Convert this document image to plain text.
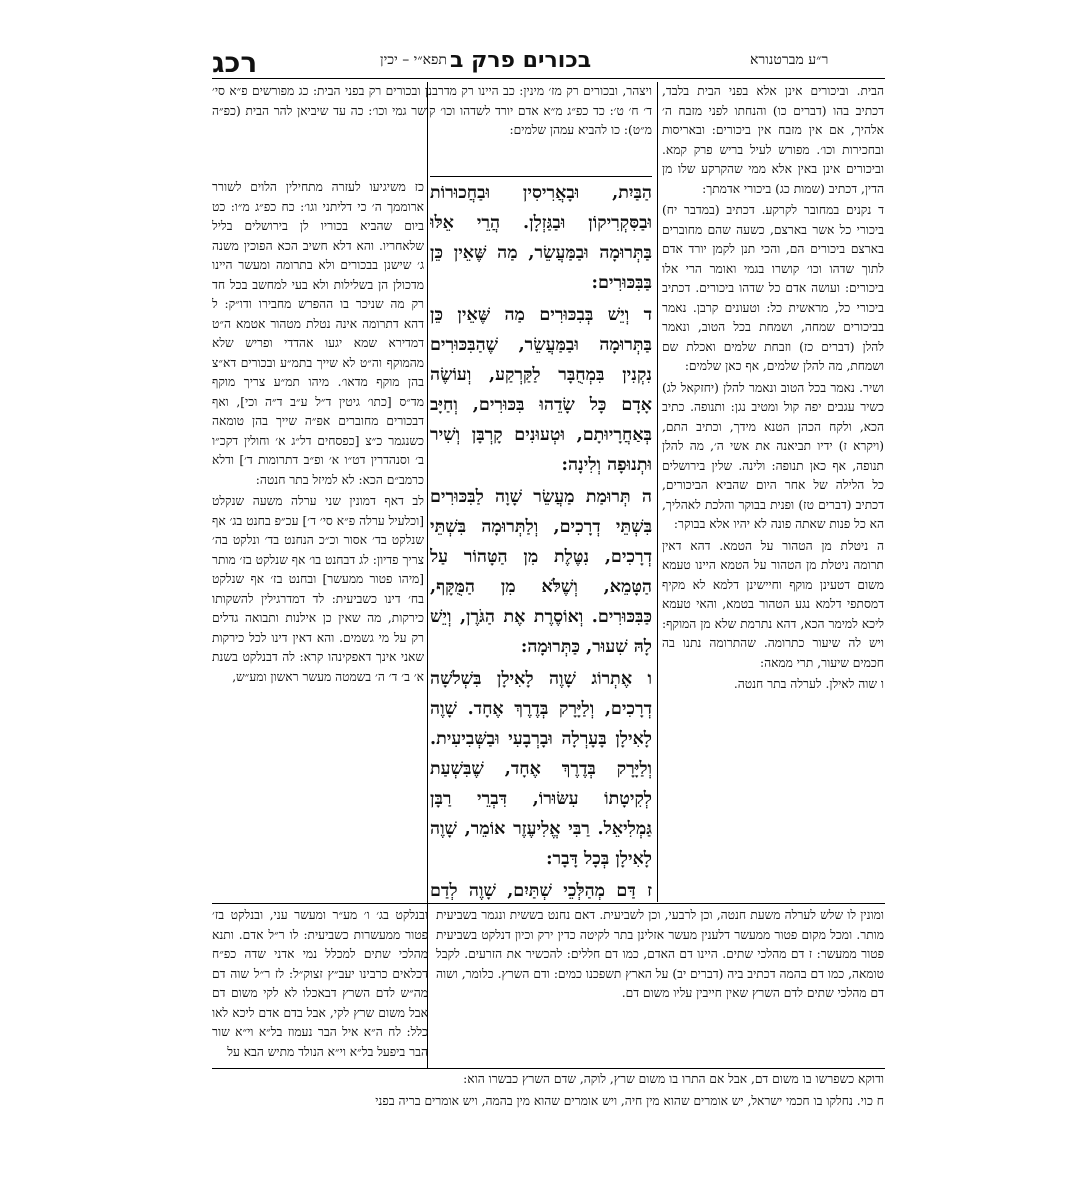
רכג	תפא״י – יכין בכורים פרק ב	ר״ע מברטנורא

הבית. וביכורים אינן אלא בפני הבית בלבד, דכתיב בהו (דברים כו) והנחתו לפני מזבח ה׳ אלהיך, אם אין מזבח אין ביכורים: ובאריסות ובחכירות וכו׳. מפורש לעיל בריש פרק קמא. וביכורים אינן באין אלא ממי שהקרקע שלו מן הדין, דכתיב (שמות כג) ביכורי אדמתך:

ד נקנים במחובר לקרקע. דכתיב (במדבר יח) ביכורי כל אשר בארצם, כשעה שהם מחוברים בארצם ביכורים הם, והכי תנן לקמן יורד אדם לתוך שדהו וכו׳ קושרו בגמי ואומר הרי אלו ביכורים: ועושה אדם כל שדהו ביכורים. דכתיב ביכורי כל, מראשית כל: וטעונים קרבן. נאמר בביכורים שמחה, ושמחת בכל הטוב, ונאמר להלן (דברים כז) וזבחת שלמים ואכלת שם ושמחת, מה להלן שלמים, אף כאן שלמים:

ושיר. נאמר בכל הטוב ונאמר להלן (יחזקאל לג) כשיר עגבים יפה קול ומטיב נגן: ותנופה. כתיב הכא, ולקח הכהן הטנא מידך, וכתיב התם, (ויקרא ז) ידיו תביאנה את אשי ה׳, מה להלן תנופה, אף כאן תנופה: ולינה. שלין בירושלים כל הלילה של אחר היום שהביא הביכורים, דכתיב (דברים טז) ופנית בבוקר והלכת לאהליך, הא כל פנות שאתה פונה לא יהיו אלא בבוקר:

ה ניטלת מן הטהור על הטמא. דהא דאין תרומה ניטלת מן הטהור על הטמא היינו טעמא משום דטעינן מוקף וחיישינן דלמא לא מקיף דמסתפי דלמא נגע הטהור בטמא, והאי טעמא ליכא למימר הכא, דהא נתרמת שלא מן המוקף: ויש לה שיעור כתרומה. שהתרומה נתנו בה חכמים שיעור, תרי ממאה:

ו שוה לאילן. לערלה בתר חנטה.

ויצהר, ובכורים רק מז׳ מינין: כב היינו רק מדרבנן ובכורים רק בפני הבית: כג מפורשים פ״א סי׳ ד׳ ח׳ ט׳: כד כפ״ג מ״א אדם יורד לשדהו וכו׳ קושר גמי וכו׳: כה עד שיביאן להר הבית (כפ״ה מ״ט): כו להביא עמהן שלמים:

הַבַּיִת, וּבָאֲרִיסִין וּבַחֲכוּרוֹת וּבַסִּקְרִיקוֹן וּבַגַּזְלָן. הֲרֵי אֵלּוּ בַּתְּרוּמָה וּבַמַּעֲשֵׂר, מַה שֶּׁאֵין כֵּן בַּבִּכּוּרִים:

ד וְיֵשׁ בְּבִכּוּרִים מַה שֶּׁאֵין כֵּן בַּתְּרוּמָה וּבַמַּעֲשֵׂר, שֶׁהַבִּכּוּרִים נִקְנִין בִּמְחֻבָּר לַקַּרְקַע, וְעוֹשֶׂה אָדָם כָּל שָׂדֵהוּ בִּכּוּרִים, וְחַיָּב בְּאַחֲרָיוּתָם, וּטְעוּנִים קָרְבָּן וְשִׁיר וּתְנוּפָה וְלִינָה:

ה תְּרוּמַת מַעֲשֵׂר שָׁוָה לַבִּכּוּרִים בִּשְׁתֵּי דְרָכִים, וְלַתְּרוּמָה בִּשְׁתֵּי דְרָכִים, נִטֶּלֶת מִן הַטָּהוֹר עַל הַטָּמֵא, וְשֶׁלֹּא מִן הַמֻּקָּף, כַּבִּכּוּרִים. וְאוֹסֶרֶת אֶת הַגֹּרֶן, וְיֵשׁ לָהּ שִׁעוּר, כַּתְּרוּמָה:

ו אֶתְרוֹג שָׁוֶה לָאִילָן בִּשְׁלשָׁה דְרָכִים, וְלַיָּרָק בְּדֶרֶךְ אֶחָד. שָׁוֶה לָאִילָן בָּעָרְלָה וּבָרְבָעִי וּבַשְּׁבִיעִית. וְלַיָּרָק בְּדֶרֶךְ אֶחָד, שֶׁבִּשְׁעַת לְקִיטָתוֹ עִשּׂוּרוֹ, דִּבְרֵי רַבָּן גַּמְלִיאֵל. רַבִּי אֱלִיעֶזֶר אוֹמֵר, שָׁוֶה לָאִילָן בְּכָל דָּבָר:

ז דַּם מְהַלְּכֵי שְׁתַּיִם, שָׁוֶה לְדַם

כז משיגיעו לעזרה מתחילין הלוים לשורר ארוממך ה׳ כי דליתני וגו׳: כח כפ״ג מ״ו: כט ביום שהביא בכוריו לן בירושלים בליל שלאחריו. והא דלא חשיב הכא הפוכין משנה ג׳ שישנן בבכורים ולא בתרומה ומעשר היינו מדכולן הן בשלילות ולא בעי למחשב בכל חד רק מה שניכר בו ההפרש מחבירו ודו״ק: ל דהא דתרומה אינה נטלת מטהור אטמא ה״ט דמדירא שמא יגעו אהדדי ופריש שלא מהמוקף וה״ט לא שייך בתמ״ע ובכורים דא״צ בהן מוקף מדאו׳. מיהו תמ״ע צריך מוקף מד״ס [כתו׳ גיטין ד״ל ע״ב ד״ה וכי], ואף דבכורים מחוברים אפ״ה שייך בהן טומאה כשנגמר כ״צ [כפסחים דל״ג א׳ וחולין דקכ״ו ב׳ וסנהדרין דט״ו א׳ ופ״ב דתרומות ד׳] ודלא כרמב״ם הכא: לא למיזל בתר חנטה:

לב דאף דמונין שני ערלה משעה שנקלט [וכלעיל ערלה פ״א סי׳ ד׳] עכ״פ בחנט בג׳ אף שנלקט בד׳ אסור וכ״כ הנחנט בד׳ ונלקט בה׳ צריך פדיון: לג דבחנט בו׳ אף שנלקט בז׳ מותר [מיהו פטור ממעשר] ובחנט בז׳ אף שנלקט בח׳ דינו כשביעית: לד דמדרגילין להשקותו כירקות, מה שאין כן אילנות ותבואה גדלים רק על מי גשמים. והא דאין דינו לכל כירקות שאני אינך דאפקינהו קרא: לה דבנלקט בשנת א׳ ב׳ ד׳ ה׳ בשמטה מעשר ראשון ומע״ש,

ומונין לו שלש לערלה משעת חנטה, וכן לרבעי, וכן לשביעית. דאם נחנט בששית ונגמר בשביעית מותר. ומכל מקום פטור ממעשר דלענין מעשר אזלינן בתר לקיטה כדין ירק וכיון דנלקט בשביעית פטור ממעשר: ז דם מהלכי שתים. היינו דם האדם, כמו דם חללים: להכשיר את הזרעים. לקבל טומאה, כמו דם בהמה דכתיב ביה (דברים יב) על הארץ תשפכנו כמים: ודם השרץ. כלומר, ושוה דם מהלכי שתים לדם השרץ שאין חייבין עליו משום דם.

ובנלקט בג׳ ו׳ מע״ר ומעשר עני, ובנלקט בז׳ פטור ממעשרות כשביעית: לו ר״ל אדם. ותנא מהלכי שתים למכלל נמי אדני שדה כפ״ח דכלאים כרבינו יעב״ץ זצוק״ל: לז ר״ל שוה דם מה״ש לדם השרץ דבאכלו לא לקי משום דם אבל משום שרץ לקי, אבל בדם אדם ליכא לאו כלל: לח ה״א איל הבר נעמוז בל״א וי״א שור הבר ביפעל בל״א וי״א הנולד מתיש הבא על

ודוקא כשפרשו בו משום דם, אבל אם התרו בו משום שרץ, לוקה, שדם השרץ כבשרו הוא:

ח כוי. נחלקו בו חכמי ישראל, יש אומרים שהוא מין חיה, ויש אומרים שהוא מין בהמה, ויש אומרים בריה בפני
